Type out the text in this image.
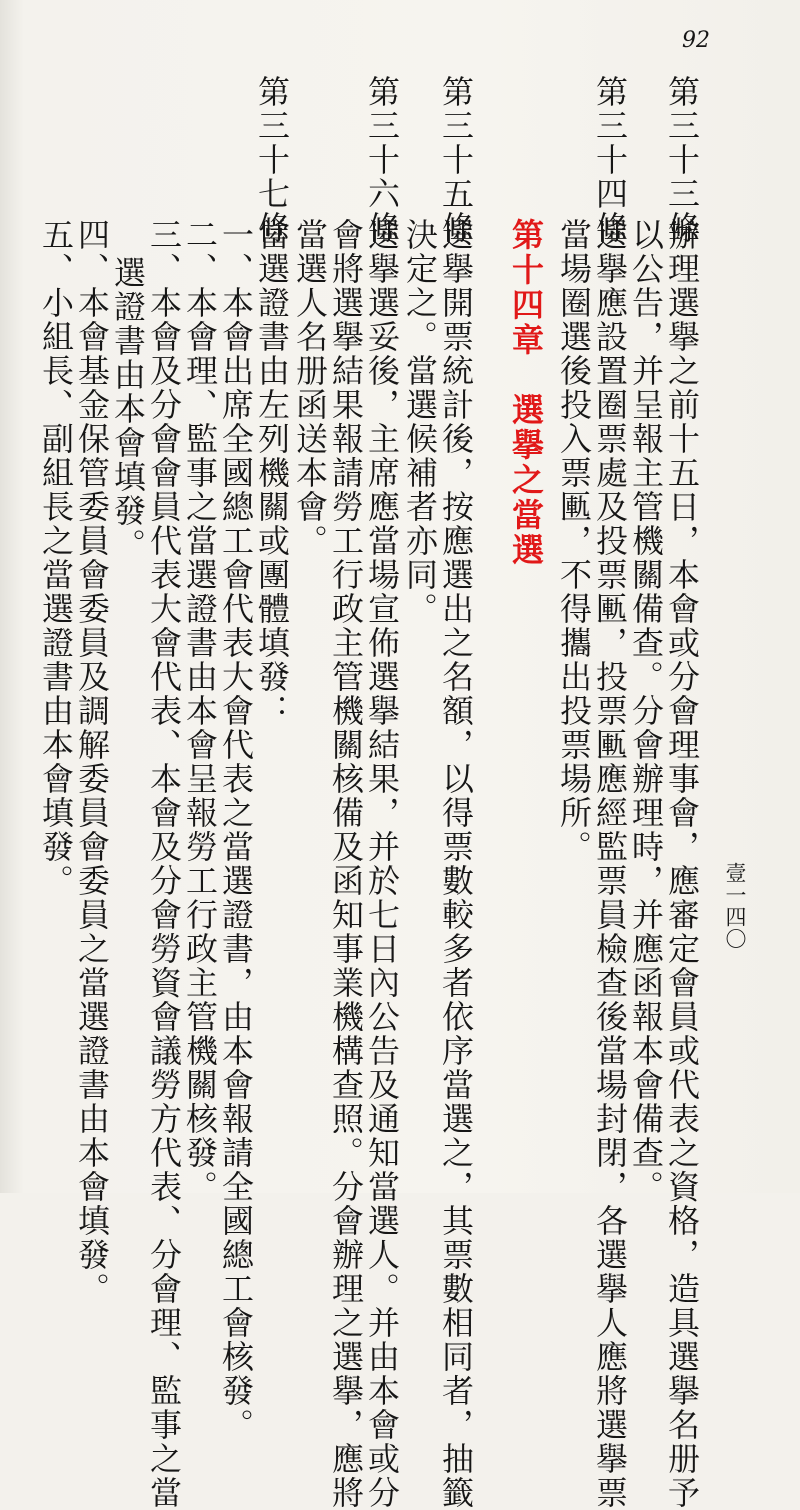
92
第三十三條
辦理選擧之前十五日，本會或分會理事會，應審定會員或代表之資格，造具選擧名册予
以公告，并呈報主管機關備查。分會辦理時，并應函報本會備查。
第三十四條
選擧應設置圈票處及投票匭，投票匭應經監票員檢查後當場封閉，各選擧人應將選擧票
當場圈選後投入票匭，不得攜出投票場所。
第十四章　選擧之當選
第三十五條
選擧開票統計後，按應選出之名額，以得票數較多者依序當選之，其票數相同者，抽籤
決定之。當選候補者亦同。
第三十六條
選擧選妥後，主席應當場宣佈選擧結果，并於七日內公告及通知當選人。并由本會或分
會將選擧結果報請勞工行政主管機關核備及函知事業機構查照。分會辦理之選擧，應將
當選人名册函送本會。
第三十七條
當選證書由左列機關或團體填發：
一、本會出席全國總工會代表大會代表之當選證書，由本會報請全國總工會核發。
二、本會理、監事之當選證書由本會呈報勞工行政主管機關核發。
三、本會及分會會員代表大會代表、本會及分會勞資會議勞方代表、分會理、監事之當
選證書由本會填發。
四、本會基金保管委員會委員及調解委員會委員之當選證書由本會填發。
五、小組長、副組長之當選證書由本會填發。
壹一四〇
